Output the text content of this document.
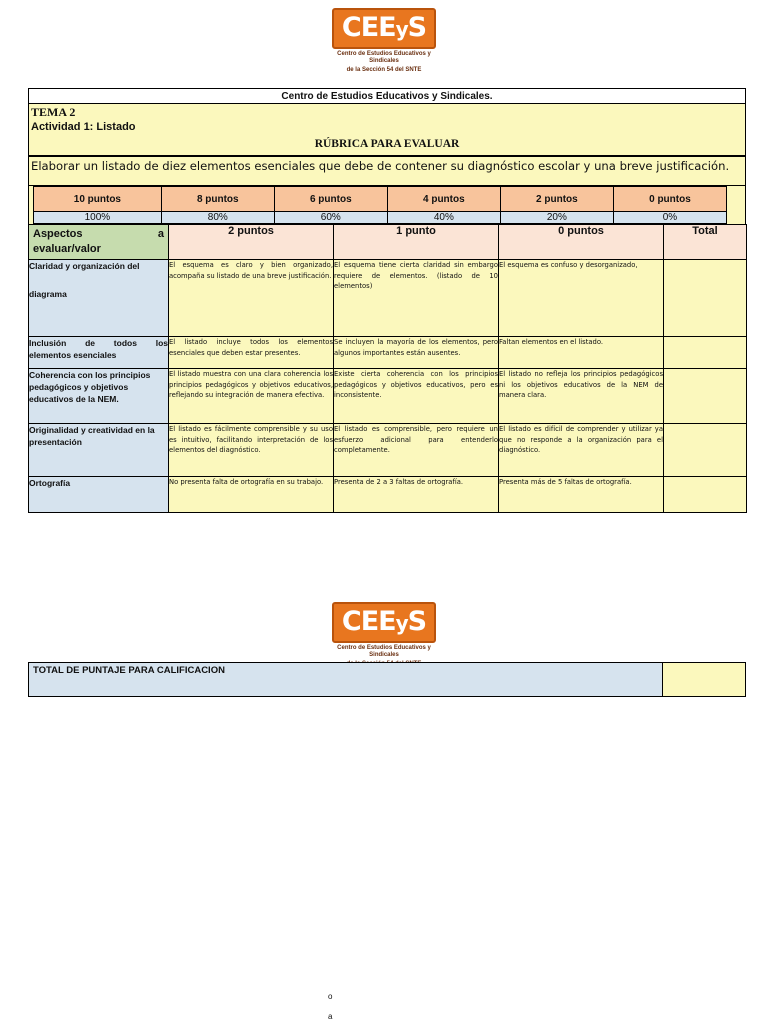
CEEyS
Centro de Estudios Educativos y Sindicales
de la Sección 54 del SNTE
Centro de Estudios Educativos y Sindicales.
TEMA 2
Actividad 1: Listado
RÚBRICA PARA EVALUAR
Elaborar un listado de diez elementos esenciales que debe de contener su diagnóstico escolar y una breve justificación.
10 puntos	8 puntos	6 puntos	4 puntos	2 puntos	0 puntos
100%	80%	60%	40%	20%	0%
Aspectos a
evaluar/valor	2 puntos	1 punto	0 puntos	Total

Claridad y organización del
diagrama	El esquema es claro y bien organizado, acompaña su listado de una breve justificación.	El esquema tiene cierta claridad sin embargo requiere de elementos. (listado de 10 elementos)	El esquema es confuso y desorganizado,	

Inclusión de todos los
elementos esenciales	El listado incluye todos los elementos esenciales que deben estar presentes.	Se incluyen la mayoría de los elementos, pero algunos importantes están ausentes.	Faltan elementos en el listado.	
Coherencia con los principios pedagógicos y objetivos educativos de la NEM.	El listado muestra con una clara coherencia los principios pedagógicos y objetivos educativos, reflejando su integración de manera efectiva.	Existe cierta coherencia con los principios pedagógicos y objetivos educativos, pero es inconsistente.	El listado no refleja los principios pedagógicos ni los objetivos educativos de la NEM de manera clara.	
Originalidad y creatividad en la presentación	El listado es fácilmente comprensible y su uso es intuitivo, facilitando interpretación de los elementos del diagnóstico.	El listado es comprensible, pero requiere un esfuerzo adicional para entenderlo completamente.	El listado es difícil de comprender y utilizar ya que no responde a la organización para el diagnóstico.	
Ortografía	No presenta falta de ortografía en su trabajo.	Presenta de 2 a 3 faltas de ortografía.	Presenta más de 5 faltas de ortografía.	
CEEyS
Centro de Estudios Educativos y Sindicales
TOTAL DE PUNTAJE PARA CALIFICACION
o
a
